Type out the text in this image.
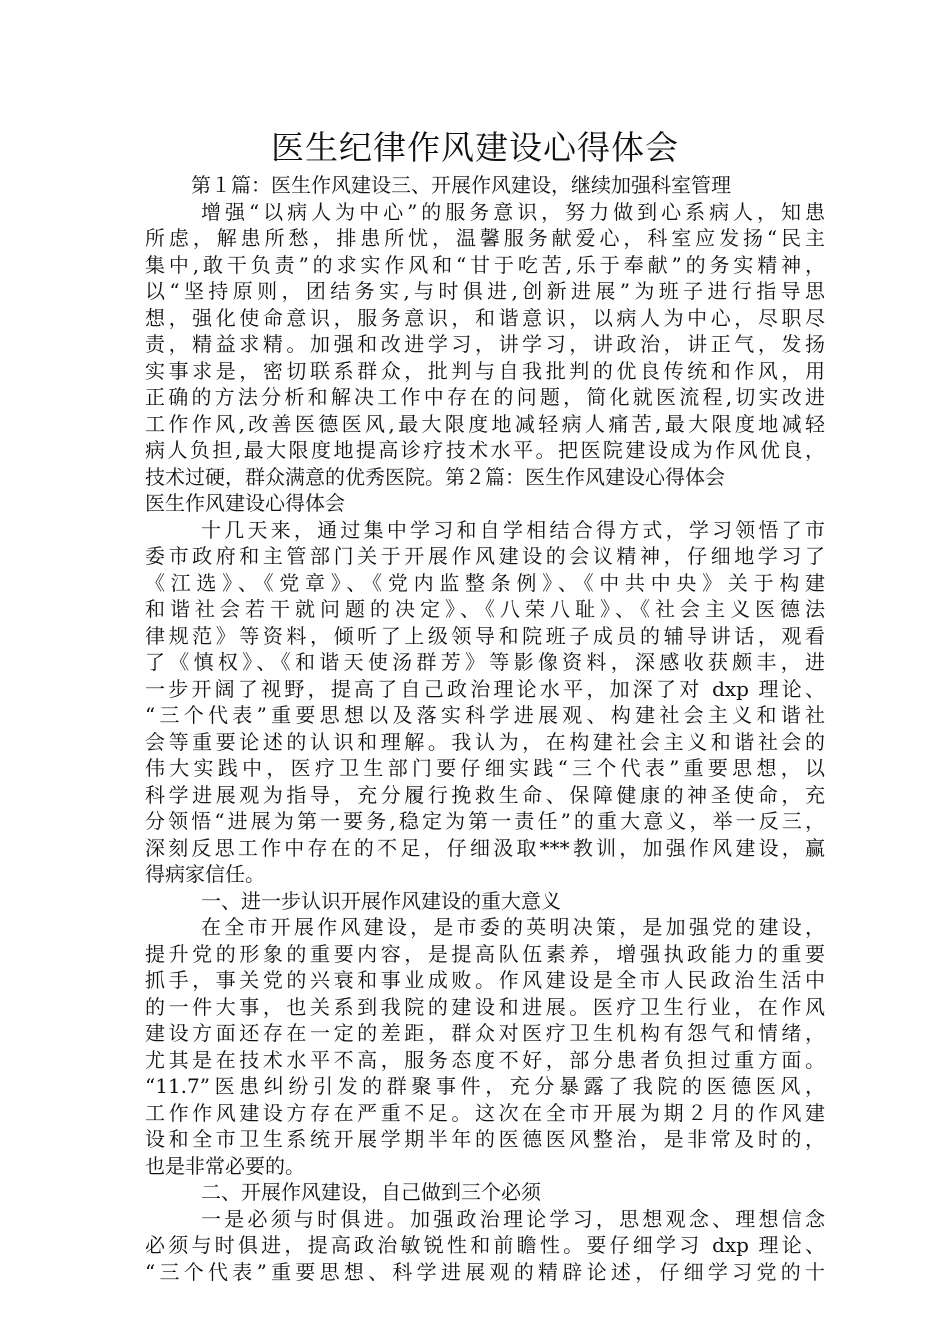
医生纪律作风建设心得体会
第１篇：医生作风建设三、开展作风建设，继续加强科室管理
增强“以病人为中心”的服务意识，努力做到心系病人，知患
所虑，解患所愁，排患所忧，温馨服务献爱心，科室应发扬“民主
集中,敢干负责”的求实作风和“甘于吃苦,乐于奉献”的务实精神，
以“坚持原则，团结务实,与时俱进,创新进展”为班子进行指导思
想，强化使命意识，服务意识，和谐意识，以病人为中心，尽职尽
责，精益求精。加强和改进学习，讲学习，讲政治，讲正气，发扬
实事求是，密切联系群众，批判与自我批判的优良传统和作风，用
正确的方法分析和解决工作中存在的问题，简化就医流程,切实改进
工作作风,改善医德医风,最大限度地减轻病人痛苦,最大限度地减轻
病人负担,最大限度地提高诊疗技术水平。把医院建设成为作风优良，
技术过硬，群众满意的优秀医院。第２篇：医生作风建设心得体会
医生作风建设心得体会
十几天来，通过集中学习和自学相结合得方式，学习领悟了市
委市政府和主管部门关于开展作风建设的会议精神，仔细地学习了
《江选》、《党章》、《党内监整条例》、《中共中央》关于构建
和谐社会若干就问题的决定》、《八荣八耻》、《社会主义医德法
律规范》等资料，倾听了上级领导和院班子成员的辅导讲话，观看
了《慎权》、《和谐天使汤群芳》等影像资料，深感收获颇丰，进
一步开阔了视野，提高了自己政治理论水平，加深了对 dxp 理论、
“三个代表”重要思想以及落实科学进展观、构建社会主义和谐社
会等重要论述的认识和理解。我认为，在构建社会主义和谐社会的
伟大实践中，医疗卫生部门要仔细实践“三个代表”重要思想，以
科学进展观为指导，充分履行挽救生命、保障健康的神圣使命，充
分领悟“进展为第一要务,稳定为第一责任”的重大意义，举一反三，
深刻反思工作中存在的不足，仔细汲取***教训，加强作风建设，赢
得病家信任。
一、进一步认识开展作风建设的重大意义
在全市开展作风建设，是市委的英明决策，是加强党的建设，
提升党的形象的重要内容，是提高队伍素养，增强执政能力的重要
抓手，事关党的兴衰和事业成败。作风建设是全市人民政治生活中
的一件大事，也关系到我院的建设和进展。医疗卫生行业，在作风
建设方面还存在一定的差距，群众对医疗卫生机构有怨气和情绪，
尤其是在技术水平不高，服务态度不好，部分患者负担过重方面。
“11.7”医患纠纷引发的群聚事件，充分暴露了我院的医德医风，
工作作风建设方存在严重不足。这次在全市开展为期２月的作风建
设和全市卫生系统开展学期半年的医德医风整治，是非常及时的，
也是非常必要的。
二、开展作风建设，自己做到三个必须
一是必须与时俱进。加强政治理论学习，思想观念、理想信念
必须与时俱进，提高政治敏锐性和前瞻性。要仔细学习 dxp 理论、
“三个代表”重要思想、科学进展观的精辟论述，仔细学习党的十
